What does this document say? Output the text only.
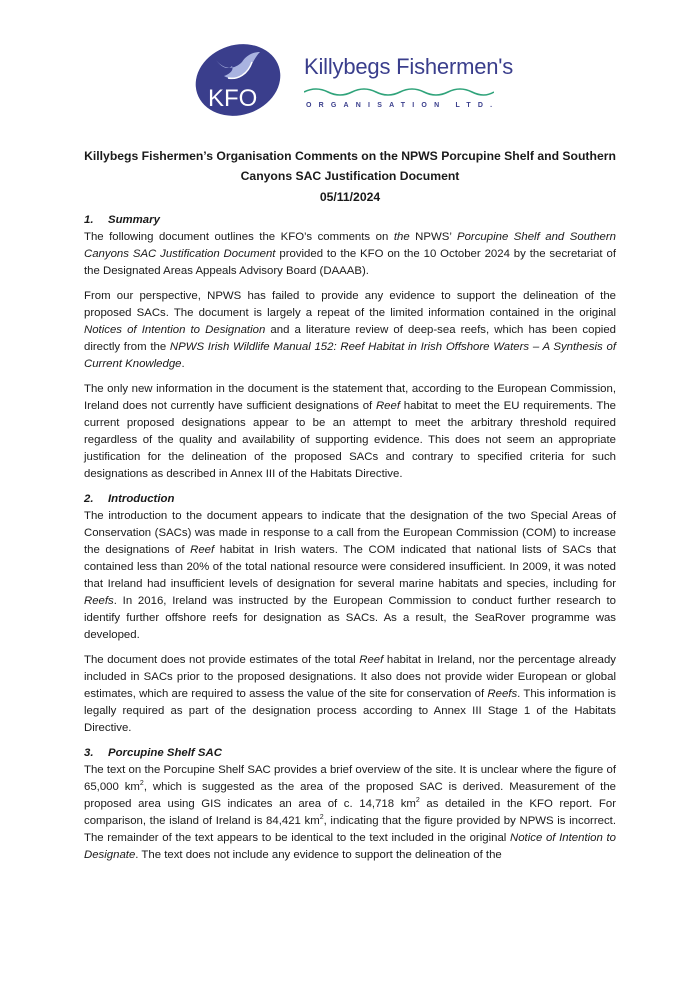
KFO
Killybegs Fishermen's
ORGANISATION LTD.
Killybegs Fishermen’s Organisation Comments on the NPWS Porcupine Shelf and Southern
Canyons SAC Justification Document
05/11/2024
1. Summary

The following document outlines the KFO’s comments on the NPWS’ Porcupine Shelf and Southern Canyons SAC Justification Document provided to the KFO on the 10 October 2024 by the secretariat of the Designated Areas Appeals Advisory Board (DAAAB).

From our perspective, NPWS has failed to provide any evidence to support the delineation of the proposed SACs. The document is largely a repeat of the limited information contained in the original Notices of Intention to Designation and a literature review of deep-sea reefs, which has been copied directly from the NPWS Irish Wildlife Manual 152: Reef Habitat in Irish Offshore Waters – A Synthesis of Current Knowledge.

The only new information in the document is the statement that, according to the European Commission, Ireland does not currently have sufficient designations of Reef habitat to meet the EU requirements. The current proposed designations appear to be an attempt to meet the arbitrary threshold required regardless of the quality and availability of supporting evidence. This does not seem an appropriate justification for the delineation of the proposed SACs and contrary to specified criteria for such designations as described in Annex III of the Habitats Directive.

2. Introduction

The introduction to the document appears to indicate that the designation of the two Special Areas of Conservation (SACs) was made in response to a call from the European Commission (COM) to increase the designations of Reef habitat in Irish waters. The COM indicated that national lists of SACs that contained less than 20% of the total national resource were considered insufficient. In 2009, it was noted that Ireland had insufficient levels of designation for several marine habitats and species, including for Reefs. In 2016, Ireland was instructed by the European Commission to conduct further research to identify further offshore reefs for designation as SACs. As a result, the SeaRover programme was developed.

The document does not provide estimates of the total Reef habitat in Ireland, nor the percentage already included in SACs prior to the proposed designations. It also does not provide wider European or global estimates, which are required to assess the value of the site for conservation of Reefs. This information is legally required as part of the designation process according to Annex III Stage 1 of the Habitats Directive.

3. Porcupine Shelf SAC

The text on the Porcupine Shelf SAC provides a brief overview of the site. It is unclear where the figure of 65,000 $km^2$, which is suggested as the area of the proposed SAC is derived. Measurement of the proposed area using GIS indicates an area of c. 14,718 $km^2$ as detailed in the KFO report. For comparison, the island of Ireland is 84,421 $km^2$, indicating that the figure provided by NPWS is incorrect. The remainder of the text appears to be identical to the text included in the original Notice of Intention to Designate. The text does not include any evidence to support the delineation of the
